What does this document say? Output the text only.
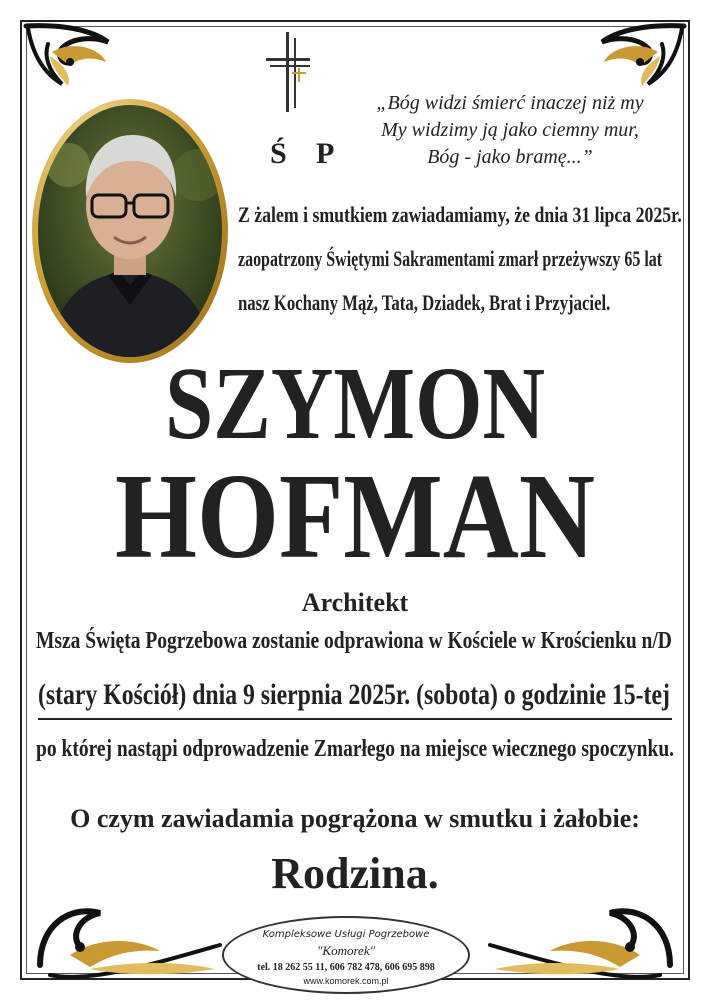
Ś P
„Bóg widzi śmierć inaczej niż my
My widzimy ją jako ciemny mur,
Bóg - jako bramę...”
Z żalem i smutkiem zawiadamiamy, że dnia 31 lipca 2025r.
zaopatrzony Świętymi Sakramentami zmarł przeżywszy 65 lat
nasz Kochany Mąż, Tata, Dziadek, Brat i Przyjaciel.
SZYMON
HOFMAN
Architekt
Msza Święta Pogrzebowa zostanie odprawiona w Kościele w Krościenku n/D
(stary Kościół) dnia 9 sierpnia 2025r. (sobota) o godzinie 15-tej
po której nastąpi odprowadzenie Zmarłego na miejsce wiecznego spoczynku.
O czym zawiadamia pogrążona w smutku i żałobie:
Rodzina.
Kompleksowe Usługi Pogrzebowe
"Komorek"
tel. 18 262 55 11, 606 782 478, 606 695 898
www.komorek.com.pl
